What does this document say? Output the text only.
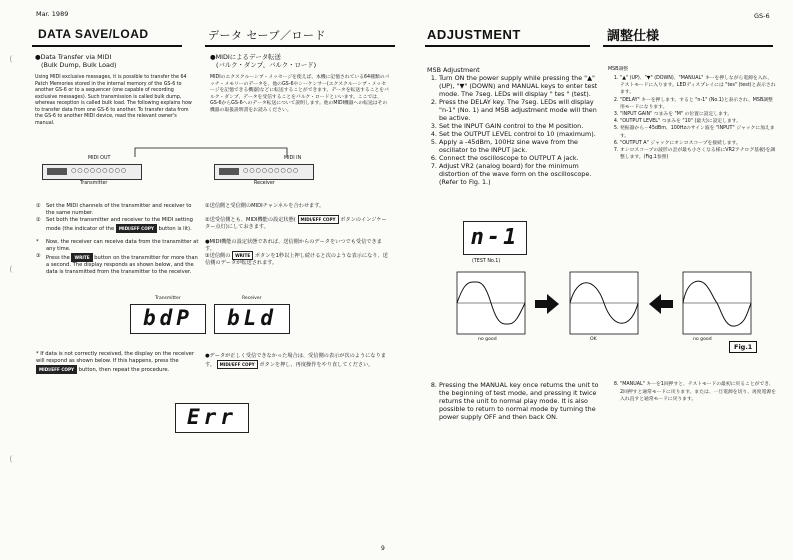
Mar. 1989	GS-6
9
DATA SAVE/LOAD	データ セーブ／ロード
●Data Transfer via MIDI
(Bulk Dump, Bulk Load)
Using MIDI exclusive messages, it is possible to transfer the 64 Patch Memories stored in the internal memory of the GS-6 to another GS-6 or to a sequencer (one capable of recording exclusive messages). Such transmission is called bulk dump, whereas reception is called bulk load. The following explains how to transfer data from one GS-6 to another. To transfer data from the GS-6 to another MIDI device, read the relevant owner's manual.
●MIDIによるデータ転送
(バルク・ダンプ、バルク・ロード)
MIDIのエクスクルーシブ・メッセージを使えば、本機に記憶されている64種類のパッチ・メモリーのデータを、他のGS-6やシーケンサー(エクスクルーシブ・メッセージを記憶できる機器)などに転送することができます。データを転送することをバルク・ダンプ、データを受信することをバルク・ロードといいます。ここでは、GS-6からGS-6へのデータ転送について説明します。他のMIDI機器への転送はその機器の取扱説明書をお読みください。
MIDI OUT	MIDI IN
○○○○○○○○○	○○○○○○○○○
Transmitter	Receiver
①	Set the MIDI channels of the transmitter and receiver to the same number.
①送信側と受信側のMIDIチャンネルを合わせます。
②	Set both the transmitter and receiver to the MIDI setting mode (the indicator of the MIDI/EFF COPY button is lit).
②送受信側とも、MIDI機能の設定状態( MIDI/EFF COPY ボタンのインジケーター点灯)にしておきます。
*	Now, the receiver can receive data from the transmitter at any time.
●MIDI機能の設定状態であれば、送信側からのデータをいつでも受信できます。
③	Press the WRITE button on the transmitter for more than a second. The display responds as shown below, and the data is transmitted from the transmitter to the receiver.
③送信側の WRITE ボタンを1秒以上押し続けると次のような表示になり、送信側のデータが転送されます。
Transmitter	Receiver
bdP	bLd
* If data is not correctly received, the display on the receiver will respond as shown below. If this happens, press the MIDI/EFF COPY button, then repeat the procedure.
●データが正しく受信できなかった場合は、受信側の表示が次のようになります。 MIDI/EFF COPY ボタンを押し、再度操作をやり直してください。
Err
ADJUSTMENT	調整仕様
MSB Adjustment
1. Turn ON the power supply while pressing the "▲" (UP), "▼" (DOWN) and MANUAL keys to enter test mode. The 7seg. LEDs will display " tes " (test).
2. Press the DELAY key. The 7seg. LEDs will display "n-1" (No. 1) and MSB adjustment mode will then be active.
3. Set the INPUT GAIN control to the M position.
4. Set the OUTPUT LEVEL control to 10 (maximum).
5. Apply a -45dBm, 100Hz sine wave from the oscillator to the INPUT jack.
6. Connect the oscilloscope to OUTPUT A jack.
7. Adjust VR2 (analog board) for the minimum distortion of the wave form on the oscilloscope. (Refer to Fig. 1.)
MSB調整
1. "▲" (UP)、"▼" (DOWN)、"MANUAL" キーを押しながら電源を入れ、テストモードに入ります。LEDディスプレイには "tes" (test)と表示されます。
2. "DELAY" キーを押します。すると "n-1" (No.1)と表示され、MSB調整用モードになります。
3. "INPUT GAIN" つまみを "M" の位置に設定します。
4. "OUTPUT LEVEL" つまみを "10" (最大)に設定します。
5. 発振器から－45dBm、100Hzのサイン波を "INPUT" ジャックに加えます。
6. "OUTPUT A" ジャックにオシロスコープを接続します。
7. オシロスコープの波形の歪が最も小さくなる様にVR2アナログ基板)を調整します。(Fig.1参照)
n-1
(TEST No.1)
no good	OK	no good
Fig.1
8. Pressing the MANUAL key once returns the unit to the beginning of test mode, and pressing it twice returns the unit to normal play mode. It is also possible to return to normal mode by turning the power supply OFF and then back ON.
8. "MANUAL" キーを1回押すと、テストモードの最初に戻ることができ、2回押すと通常モードに戻ります。または、一旦電源を切り、再度電源を入れ直すと通常モードに戻ります。
